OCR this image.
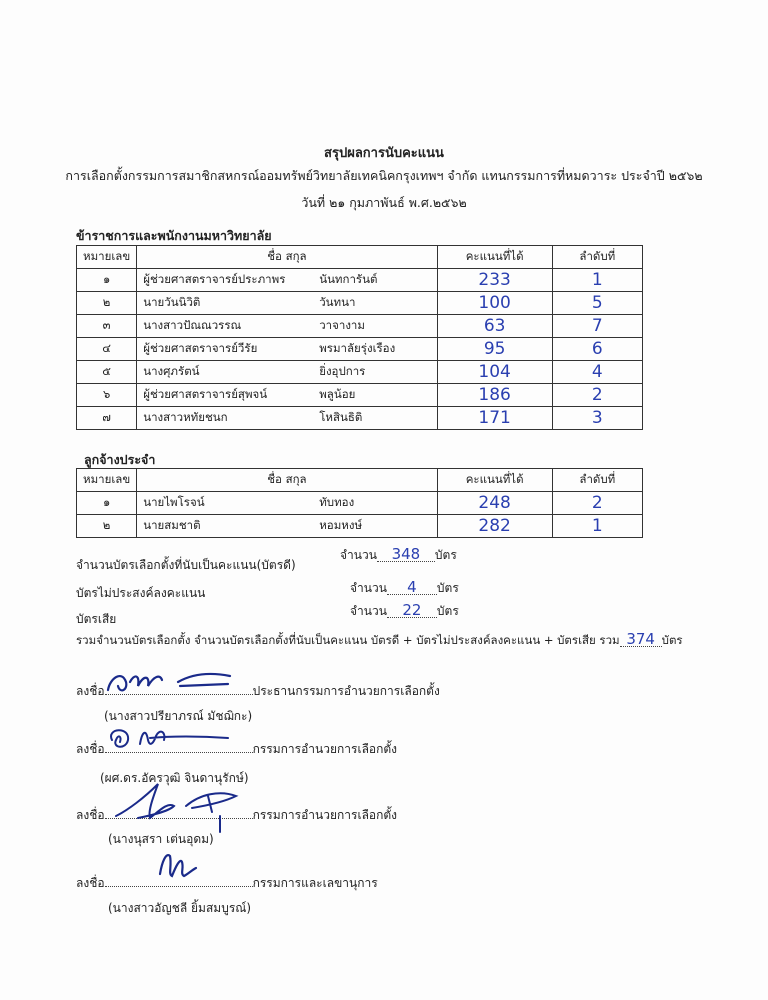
สรุปผลการนับคะแนน
การเลือกตั้งกรรมการสมาชิกสหกรณ์ออมทรัพย์วิทยาลัยเทคนิคกรุงเทพฯ จำกัด แทนกรรมการที่หมดวาระ ประจำปี ๒๕๖๒
วันที่ ๒๑ กุมภาพันธ์ พ.ศ.๒๕๖๒
ข้าราชการและพนักงานมหาวิทยาลัย
หมายเลข	ชื่อ สกุล	คะแนนที่ได้	ลำดับที่
๑	ผู้ช่วยศาสตราจารย์ประภาพร นันทการันต์	233	1
๒	นายวันนิวิติ วันทนา	100	5
๓	นางสาวปัณณวรรณ วาจางาม	63	7
๔	ผู้ช่วยศาสตราจารย์วีรัย พรมาลัยรุ่งเรือง	95	6
๕	นางศุภรัตน์ ยิ่งอุปการ	104	4
๖	ผู้ช่วยศาสตราจารย์สุพจน์ พลูน้อย	186	2
๗	นางสาวหทัยชนก โหสินธิติ	171	3
ลูกจ้างประจำ
หมายเลข	ชื่อ สกุล	คะแนนที่ได้	ลำดับที่
๑	นายไพโรจน์ ทับทอง	248	2
๒	นายสมชาติ หอมหงษ์	282	1
จำนวนบัตรเลือกตั้งที่นับเป็นคะแนน(บัตรดี)
จำนวน 348 บัตร
บัตรไม่ประสงค์ลงคะแนน	จำนวน 4 บัตร
บัตรเสีย
จำนวน 22 บัตร
รวมจำนวนบัตรเลือกตั้ง จำนวนบัตรเลือกตั้งที่นับเป็นคะแนน บัตรดี + บัตรไม่ประสงค์ลงคะแนน + บัตรเสีย รวม 374 บัตร
ลงชื่อ	ประธานกรรมการอำนวยการเลือกตั้ง
(นางสาวปรียาภรณ์ มัชฌิกะ)
ลงชื่อ	กรรมการอำนวยการเลือกตั้ง
(ผศ.ดร.อัครวุฒิ จินดานุรักษ์)
ลงชื่อ	กรรมการอำนวยการเลือกตั้ง
(นางนุสรา เต่นอุดม)
ลงชื่อ	กรรมการและเลขานุการ
(นางสาวอัญชลี ยิ้มสมบูรณ์)
